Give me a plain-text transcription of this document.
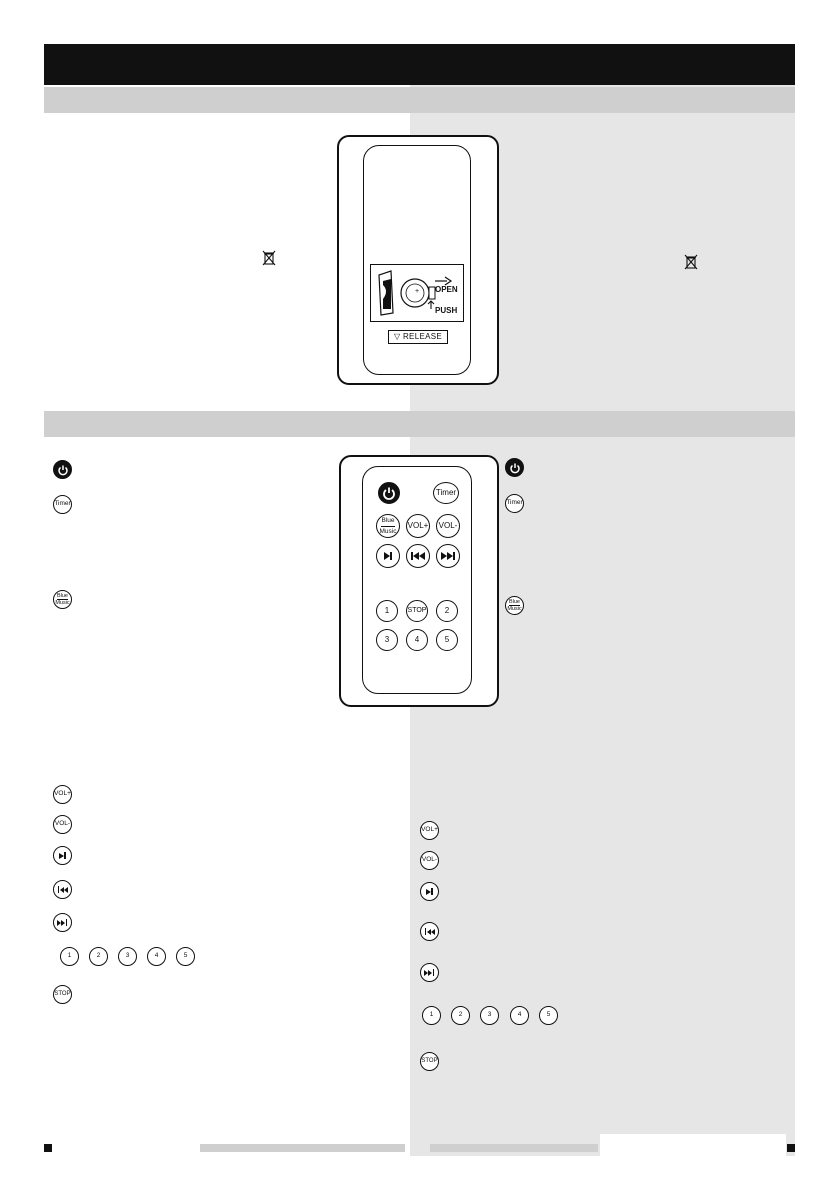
+ OPEN
PUSH
▽ RELEASE
Timer
Blue
Music
VOL+	VOL-
1	STOP	2
3	4	5
Timer
Blue
Music
VOL+
VOL-
1	2	3	4	5
STOP
Timer
Blue
Music
VOL+
VOL-
1	2	3	4	5
STOP
